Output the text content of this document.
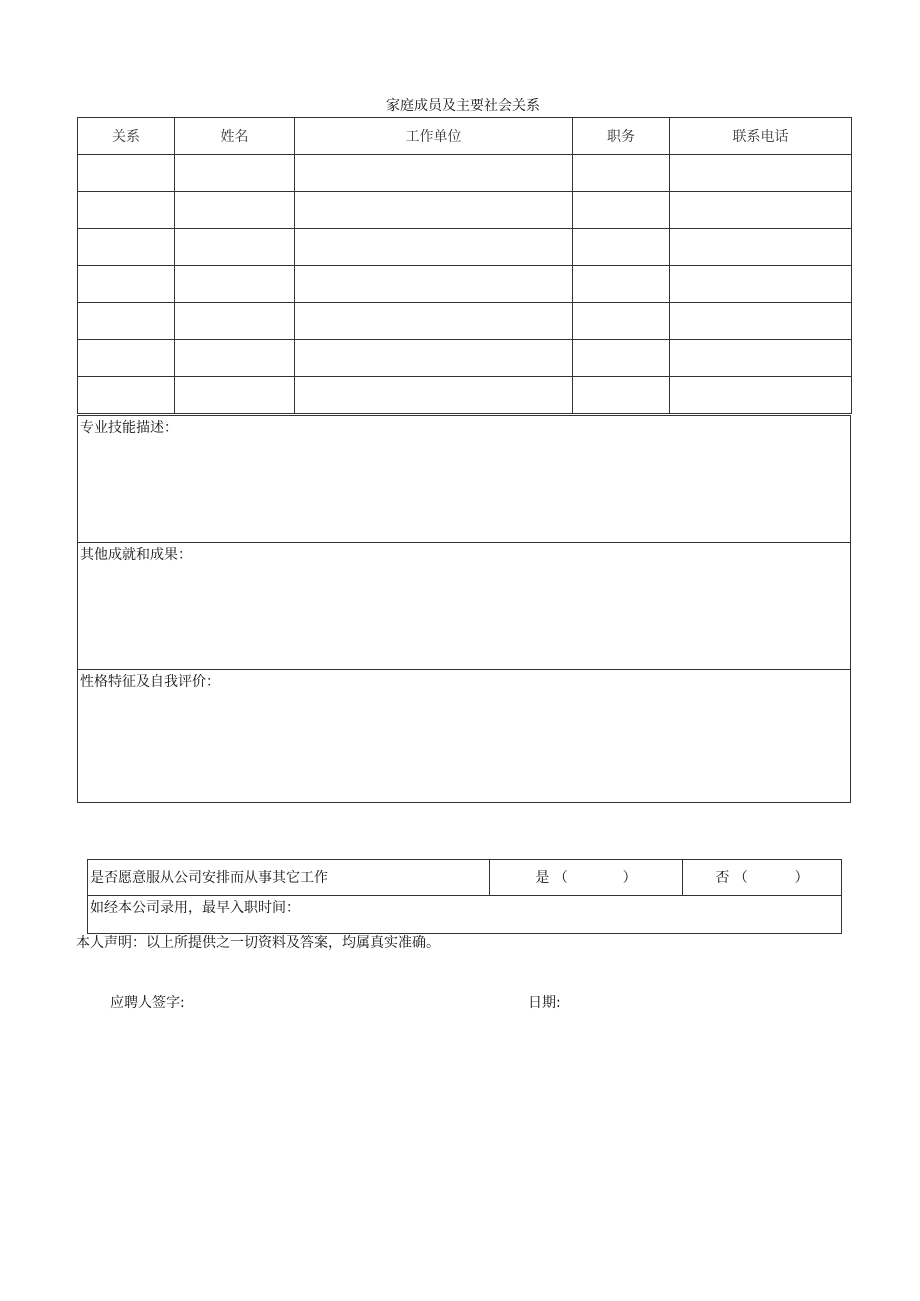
家庭成员及主要社会关系
关系	姓名	工作单位	职务	联系电话

专业技能描述：
其他成就和成果：
性格特征及自我评价：
是否愿意服从公司安排而从事其它工作	是 （	）	否 （	）
如经本公司录用，最早入职时间：
本人声明：以上所提供之一切资料及答案，均属真实准确。
应聘人签字:	日期:
